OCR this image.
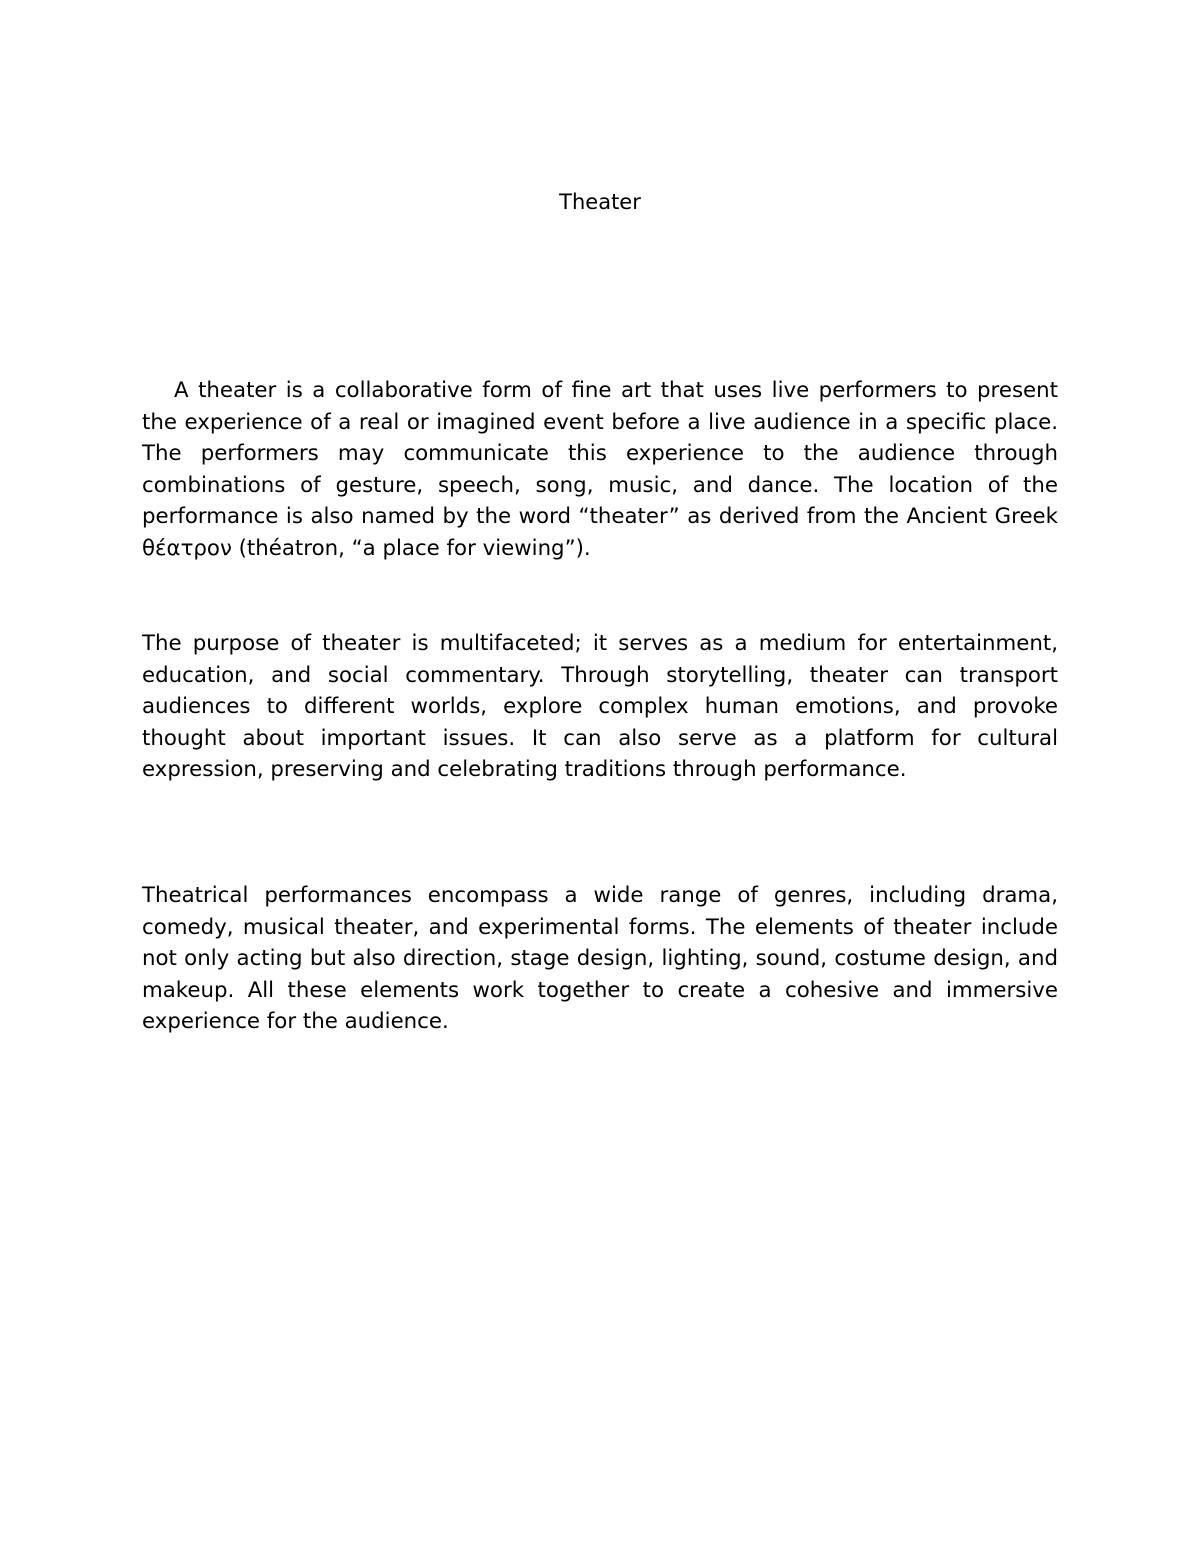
Theater

A theater is a collaborative form of fine art that uses live performers to present the experience of a real or imagined event before a live audience in a specific place. The performers may communicate this experience to the audience through combinations of gesture, speech, song, music, and dance. The location of the performance is also named by the word “theater” as derived from the Ancient Greek θέατρον (théatron, “a place for viewing”).

The purpose of theater is multifaceted; it serves as a medium for entertainment, education, and social commentary. Through storytelling, theater can transport audiences to different worlds, explore complex human emotions, and provoke thought about important issues. It can also serve as a platform for cultural expression, preserving and celebrating traditions through performance.

Theatrical performances encompass a wide range of genres, including drama, comedy, musical theater, and experimental forms. The elements of theater include not only acting but also direction, stage design, lighting, sound, costume design, and makeup. All these elements work together to create a cohesive and immersive experience for the audience.
